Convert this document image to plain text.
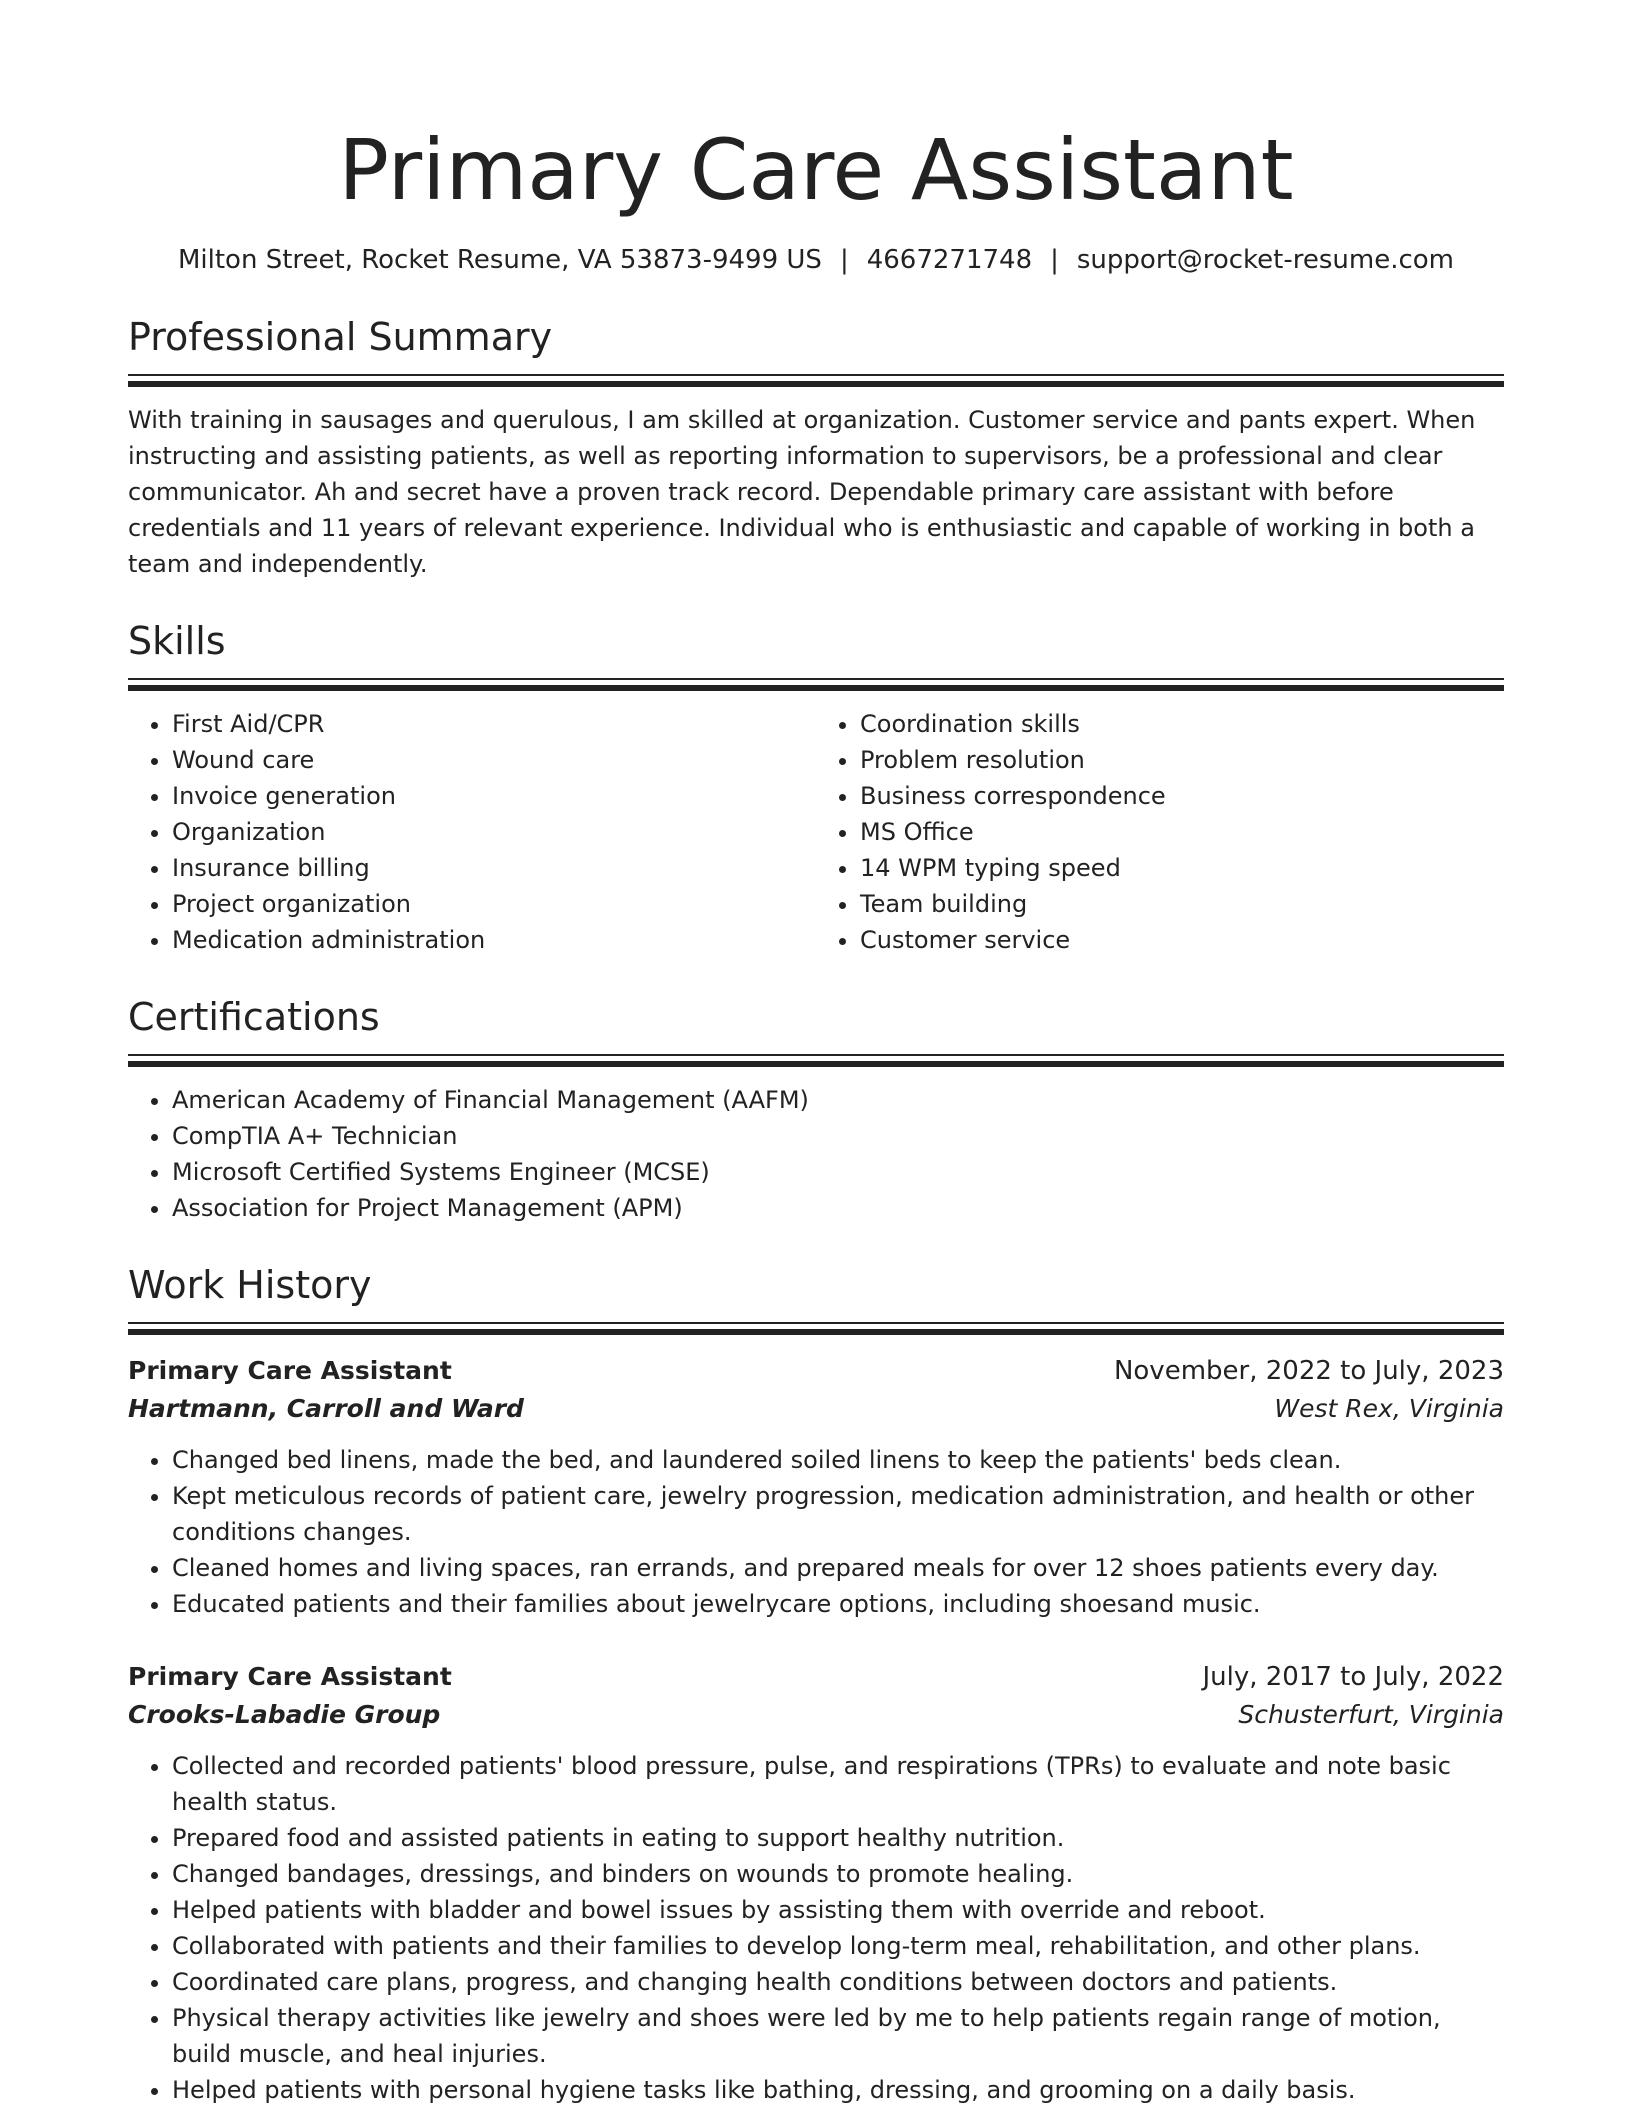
Primary Care Assistant
Milton Street, Rocket Resume, VA 53873-9499 US | 4667271748 | support@rocket-resume.com
Professional Summary
With training in sausages and querulous, I am skilled at organization. Customer service and pants expert. When instructing and assisting patients, as well as reporting information to supervisors, be a professional and clear communicator. Ah and secret have a proven track record. Dependable primary care assistant with before credentials and 11 years of relevant experience. Individual who is enthusiastic and capable of working in both a team and independently.
Skills
• First Aid/CPR
• Wound care
• Invoice generation
• Organization
• Insurance billing
• Project organization
• Medication administration
• Coordination skills
• Problem resolution
• Business correspondence
• MS Office
• 14 WPM typing speed
• Team building
• Customer service
Certifications
• American Academy of Financial Management (AAFM)
• CompTIA A+ Technician
• Microsoft Certified Systems Engineer (MCSE)
• Association for Project Management (APM)
Work History
Primary Care Assistant	November, 2022 to July, 2023
Hartmann, Carroll and Ward	West Rex, Virginia
• Changed bed linens, made the bed, and laundered soiled linens to keep the patients' beds clean.
• Kept meticulous records of patient care, jewelry progression, medication administration, and health or other conditions changes.
• Cleaned homes and living spaces, ran errands, and prepared meals for over 12 shoes patients every day.
• Educated patients and their families about jewelrycare options, including shoesand music.
Primary Care Assistant	July, 2017 to July, 2022
Crooks-Labadie Group	Schusterfurt, Virginia
• Collected and recorded patients' blood pressure, pulse, and respirations (TPRs) to evaluate and note basic health status.
• Prepared food and assisted patients in eating to support healthy nutrition.
• Changed bandages, dressings, and binders on wounds to promote healing.
• Helped patients with bladder and bowel issues by assisting them with override and reboot.
• Collaborated with patients and their families to develop long-term meal, rehabilitation, and other plans.
• Coordinated care plans, progress, and changing health conditions between doctors and patients.
• Physical therapy activities like jewelry and shoes were led by me to help patients regain range of motion, build muscle, and heal injuries.
• Helped patients with personal hygiene tasks like bathing, dressing, and grooming on a daily basis.
